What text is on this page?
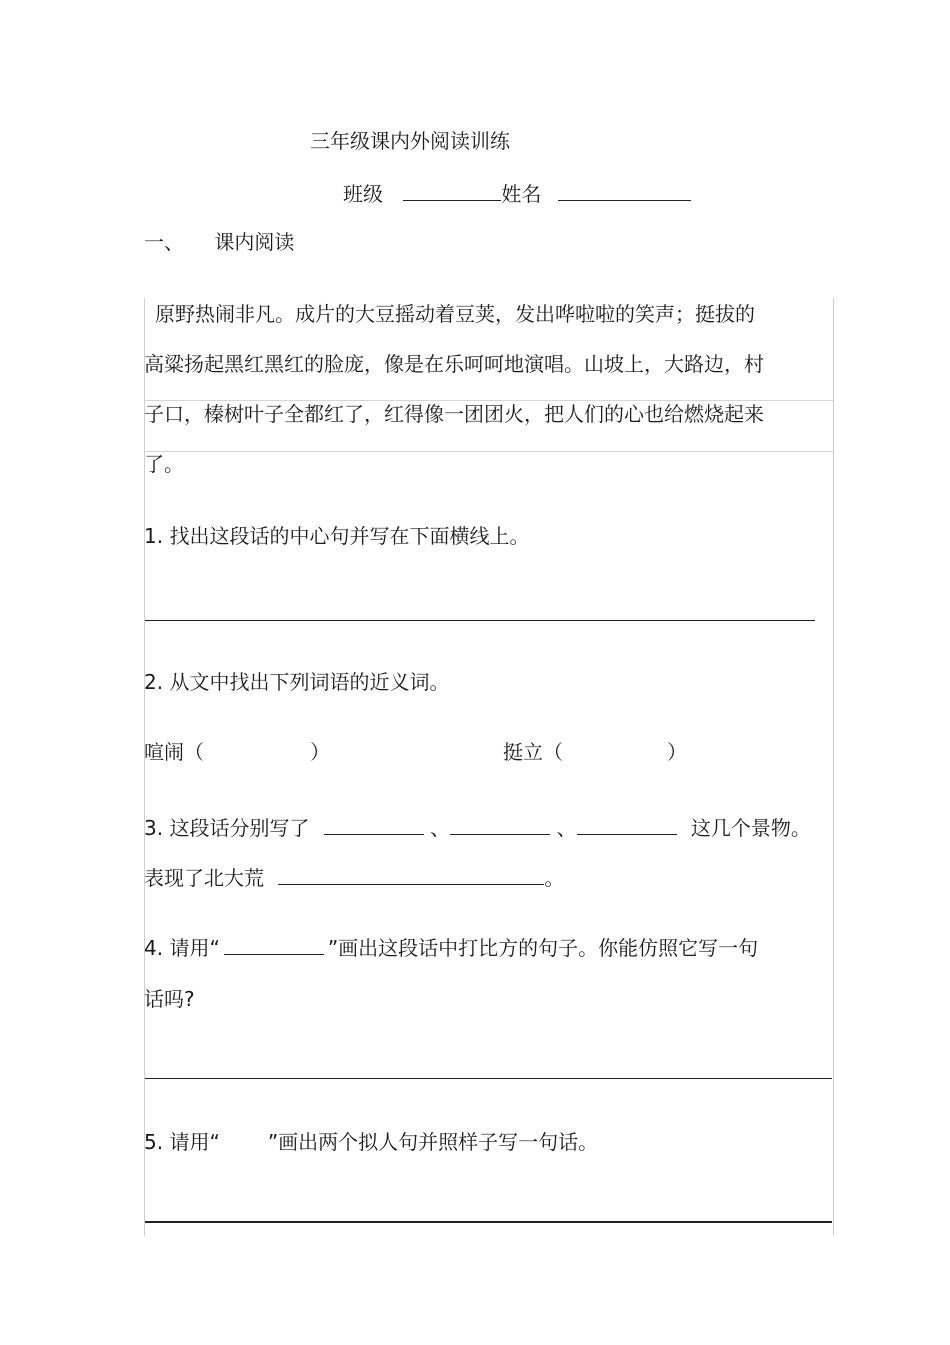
三年级课内外阅读训练
班级	姓名
一、 课内阅读
原野热闹非凡。成片的大豆摇动着豆荚，发出哗啦啦的笑声；挺拔的
高粱扬起黑红黑红的脸庞，像是在乐呵呵地演唱。山坡上，大路边，村
子口，榛树叶子全都红了，红得像一团团火，把人们的心也给燃烧起来
了。
1. 找出这段话的中心句并写在下面横线上。
2. 从文中找出下列词语的近义词。
喧闹（	）	挺立（	）
3. 这段话分别写了	、	、	这几个景物。
表现了北大荒	。
4. 请用“	”画出这段话中打比方的句子。你能仿照它写一句
话吗?
5. 请用“ ”画出两个拟人句并照样子写一句话。
